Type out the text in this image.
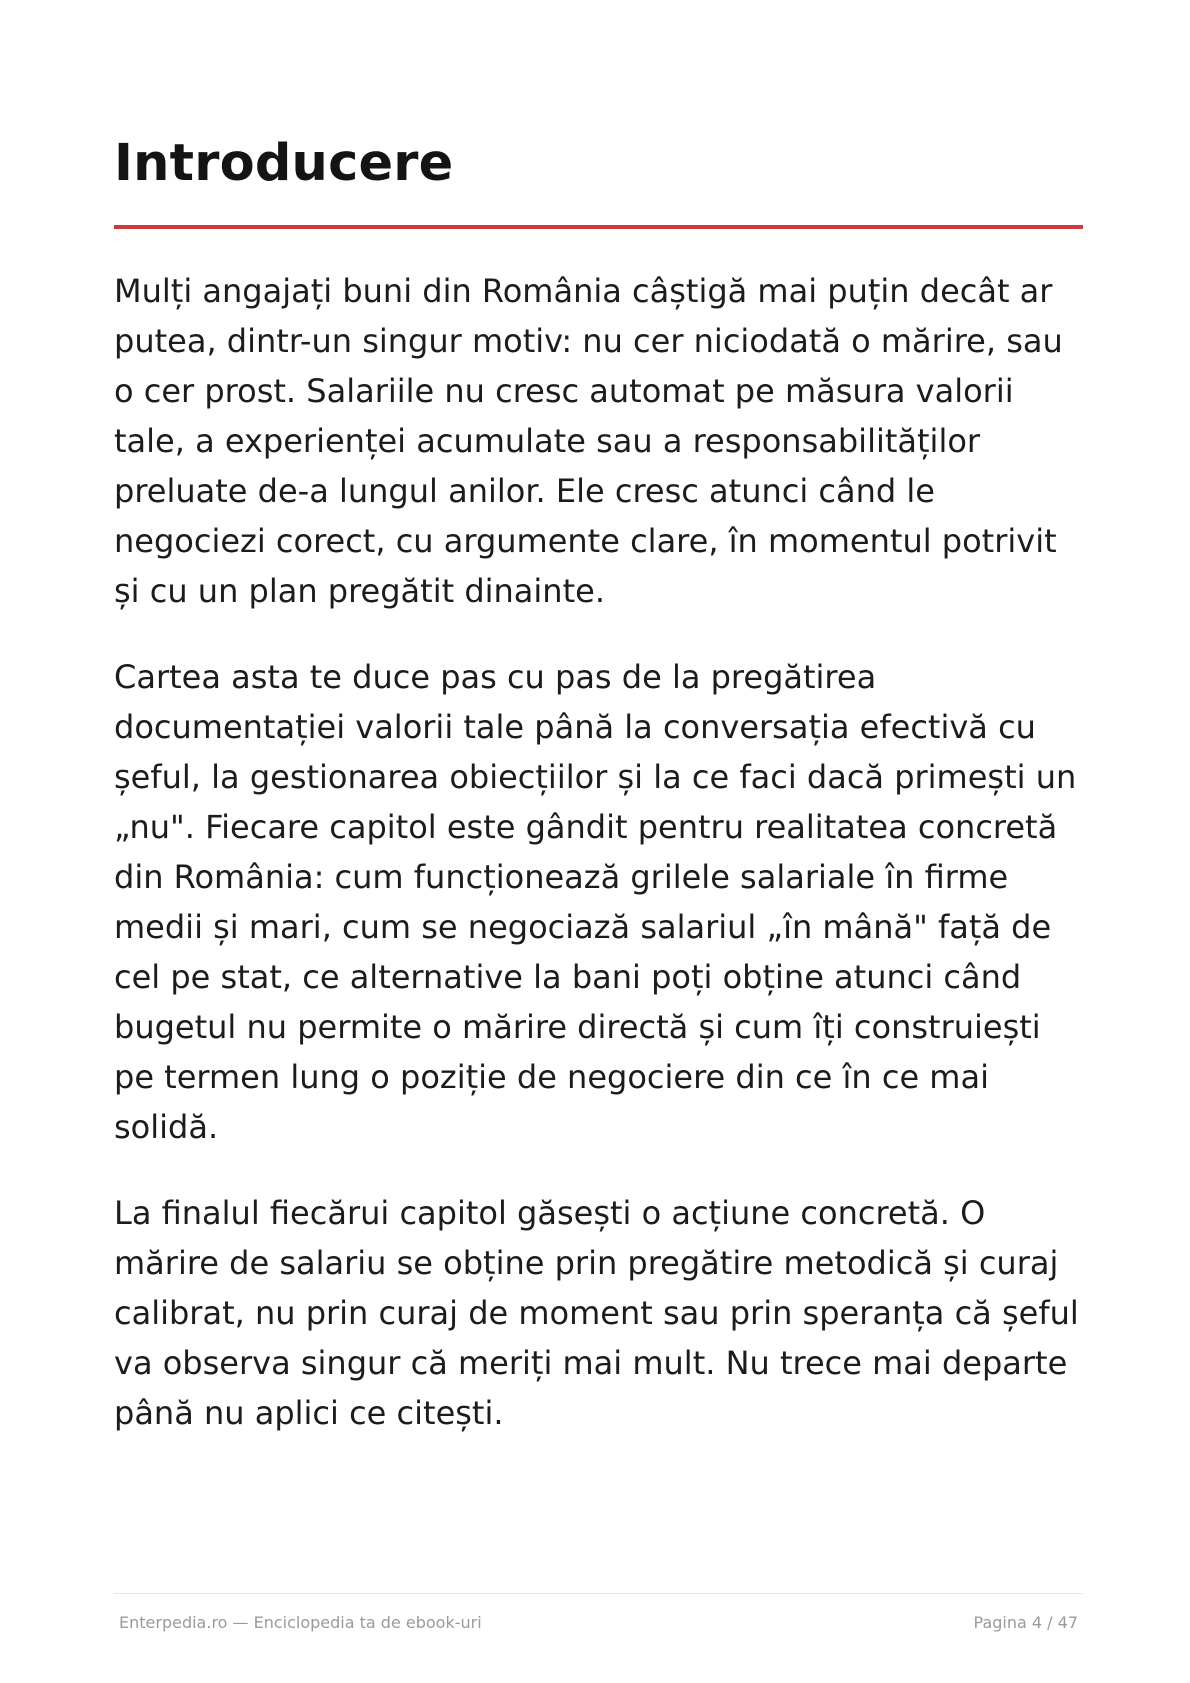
Introducere

Mulți angajați buni din România câștigă mai puțin decât ar putea, dintr-un singur motiv: nu cer niciodată o mărire, sau o cer prost. Salariile nu cresc automat pe măsura valorii tale, a experienței acumulate sau a responsabilităților preluate de-a lungul anilor. Ele cresc atunci când le negociezi corect, cu argumente clare, în momentul potrivit și cu un plan pregătit dinainte.

Cartea asta te duce pas cu pas de la pregătirea documentației valorii tale până la conversația efectivă cu șeful, la gestionarea obiecțiilor și la ce faci dacă primești un „nu". Fiecare capitol este gândit pentru realitatea concretă din România: cum funcționează grilele salariale în firme medii și mari, cum se negociază salariul „în mână" față de cel pe stat, ce alternative la bani poți obține atunci când bugetul nu permite o mărire directă și cum îți construiești pe termen lung o poziție de negociere din ce în ce mai solidă.

La finalul fiecărui capitol găsești o acțiune concretă. O mărire de salariu se obține prin pregătire metodică și curaj calibrat, nu prin curaj de moment sau prin speranța că șeful va observa singur că meriți mai mult. Nu trece mai departe până nu aplici ce citești.

Enterpedia.ro — Enciclopedia ta de ebook-uri	Pagina 4 / 47
